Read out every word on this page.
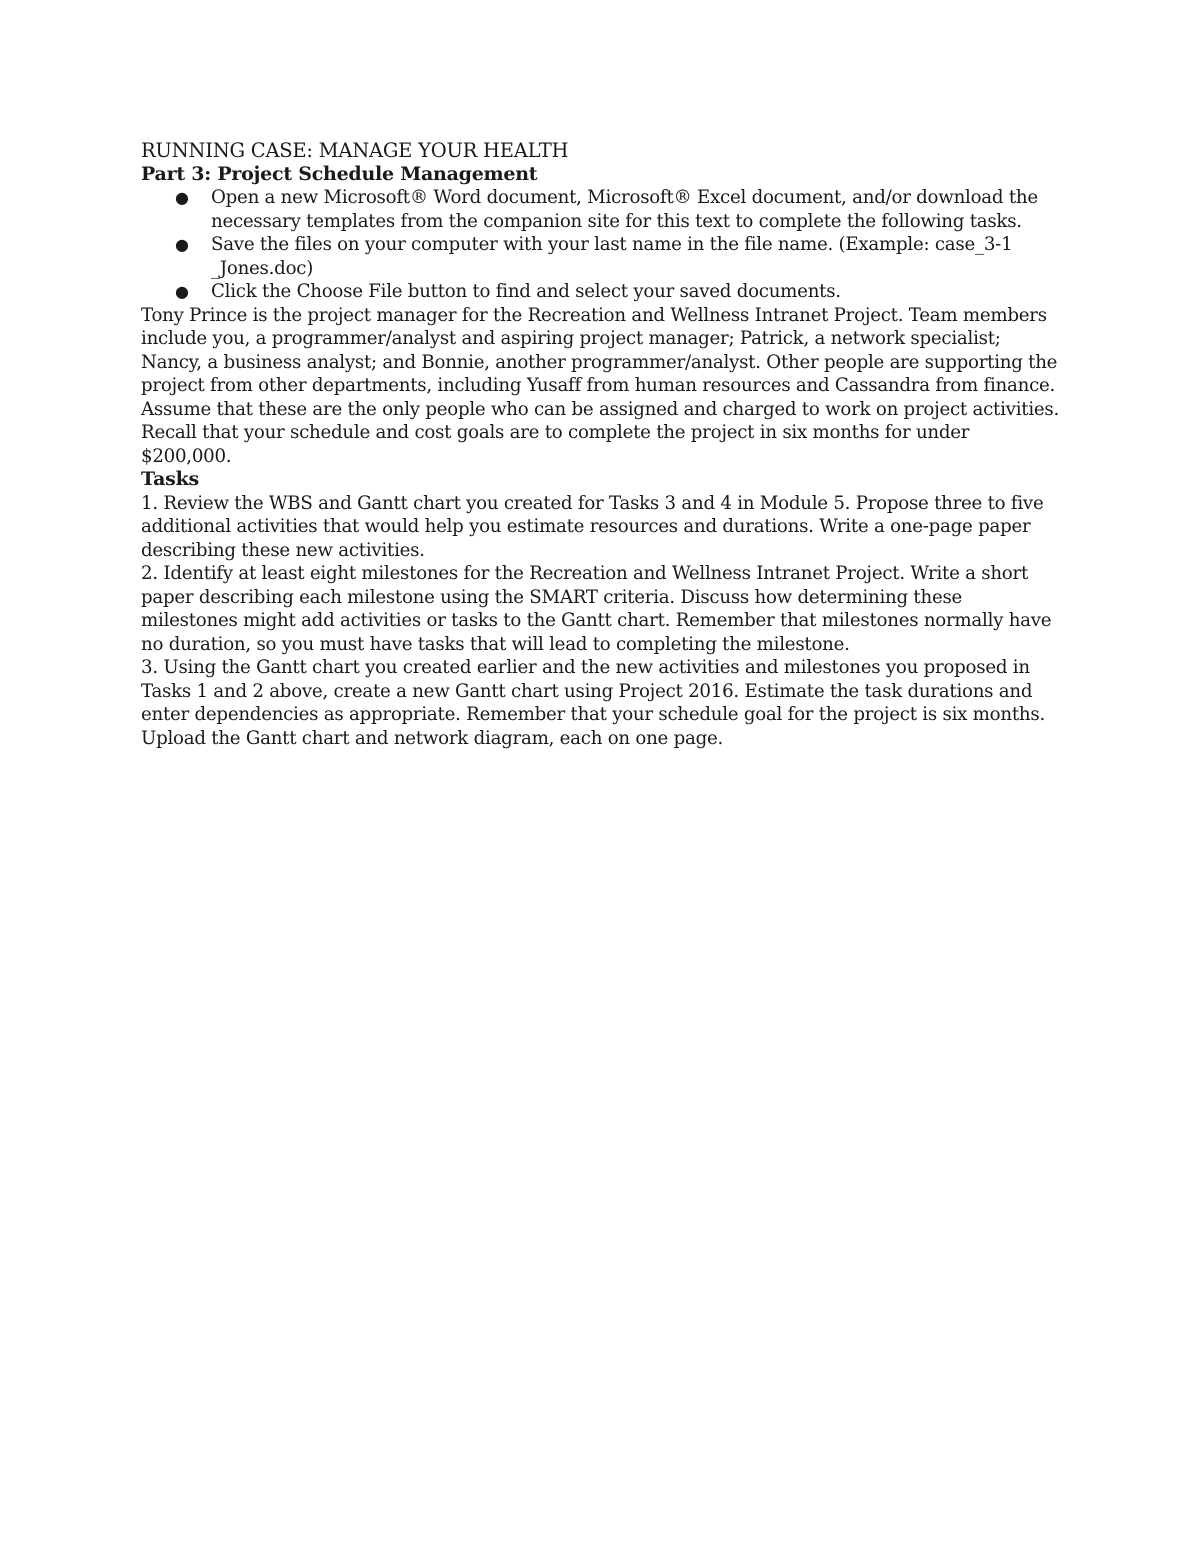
RUNNING CASE: MANAGE YOUR HEALTH
Part 3: Project Schedule Management
● Open a new Microsoft® Word document, Microsoft® Excel document, and/or download the necessary templates from the companion site for this text to complete the following tasks.
● Save the files on your computer with your last name in the file name. (Example: case_3-1 _Jones.doc)
● Click the Choose File button to find and select your saved documents.

Tony Prince is the project manager for the Recreation and Wellness Intranet Project. Team members include you, a programmer/analyst and aspiring project manager; Patrick, a network specialist; Nancy, a business analyst; and Bonnie, another programmer/analyst. Other people are supporting the project from other departments, including Yusaff from human resources and Cassandra from finance. Assume that these are the only people who can be assigned and charged to work on project activities. Recall that your schedule and cost goals are to complete the project in six months for under $200,000.

Tasks

1. Review the WBS and Gantt chart you created for Tasks 3 and 4 in Module 5. Propose three to five additional activities that would help you estimate resources and durations. Write a one-page paper describing these new activities.

2. Identify at least eight milestones for the Recreation and Wellness Intranet Project. Write a short paper describing each milestone using the SMART criteria. Discuss how determining these milestones might add activities or tasks to the Gantt chart. Remember that milestones normally have no duration, so you must have tasks that will lead to completing the milestone.

3. Using the Gantt chart you created earlier and the new activities and milestones you proposed in Tasks 1 and 2 above, create a new Gantt chart using Project 2016. Estimate the task durations and enter dependencies as appropriate. Remember that your schedule goal for the project is six months. Upload the Gantt chart and network diagram, each on one page.
